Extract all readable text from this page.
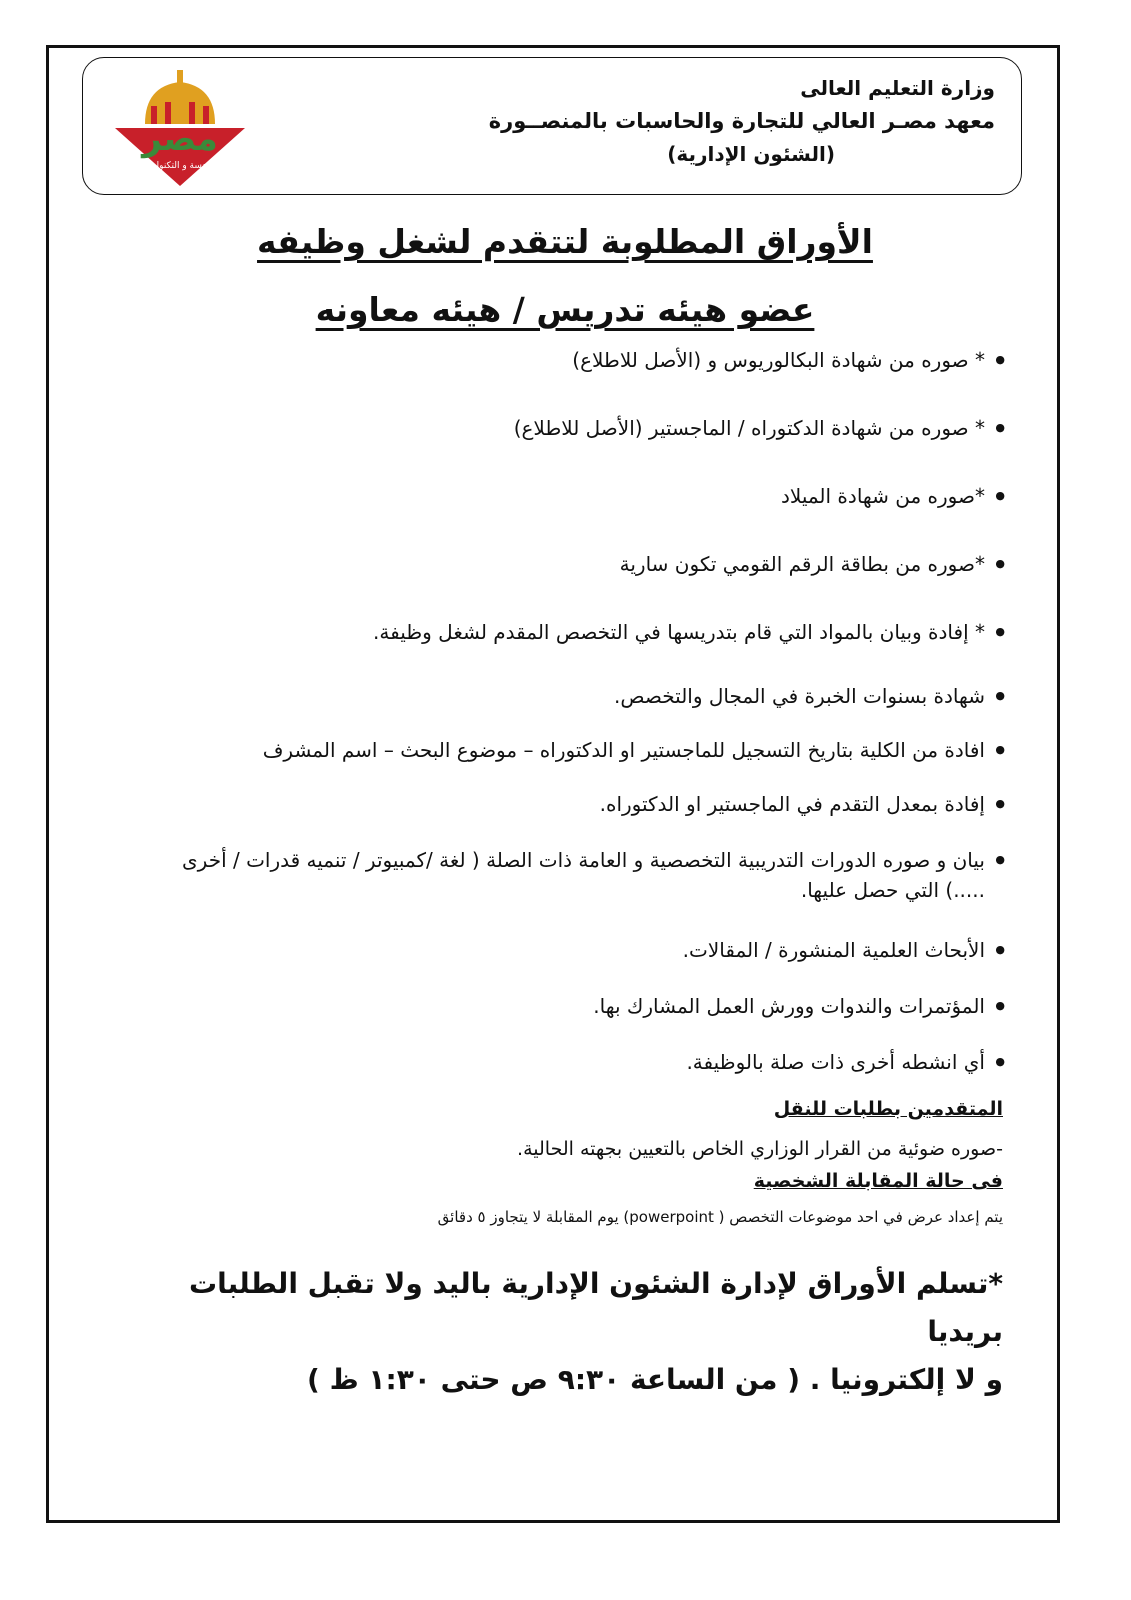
مصر
للهندسة و التكنولوجيا
وزارة التعليم العالى
معهد مصـر العالي للتجارة والحاسبات بالمنصــورة
(الشئون الإدارية)
الأوراق المطلوبة لتتقدم لشغل وظيفه
عضو هيئه تدريس / هيئه معاونه
● * صوره من شهادة البكالوريوس و (الأصل للاطلاع)
● * صوره من شهادة الدكتوراه / الماجستير (الأصل للاطلاع)
● *صوره من شهادة الميلاد
● *صوره من بطاقة الرقم القومي تكون سارية
● * إفادة وبيان بالمواد التي قام بتدريسها في التخصص المقدم لشغل وظيفة.
● شهادة بسنوات الخبرة في المجال والتخصص.
● افادة من الكلية بتاريخ التسجيل للماجستير او الدكتوراه – موضوع البحث – اسم المشرف
● إفادة بمعدل التقدم في الماجستير او الدكتوراه.
● بيان و صوره الدورات التدريبية التخصصية و العامة ذات الصلة ( لغة /كمبيوتر / تنميه قدرات / أخرى .....) التي حصل عليها.
● الأبحاث العلمية المنشورة / المقالات.
● المؤتمرات والندوات وورش العمل المشارك بها.
● أي انشطه أخرى ذات صلة بالوظيفة.
المتقدمين بطلبات للنقل
-صوره ضوئية من القرار الوزاري الخاص بالتعيين بجهته الحالية.
فى حالة المقابلة الشخصية
يتم إعداد عرض في احد موضوعات التخصص ( powerpoint) يوم المقابلة لا يتجاوز ٥ دقائق
*تسلم الأوراق لإدارة الشئون الإدارية باليد ولا تقبل الطلبات بريديا
و لا إلكترونيا . ( من الساعة ٩:٣٠ ص حتى ١:٣٠ ظ )
